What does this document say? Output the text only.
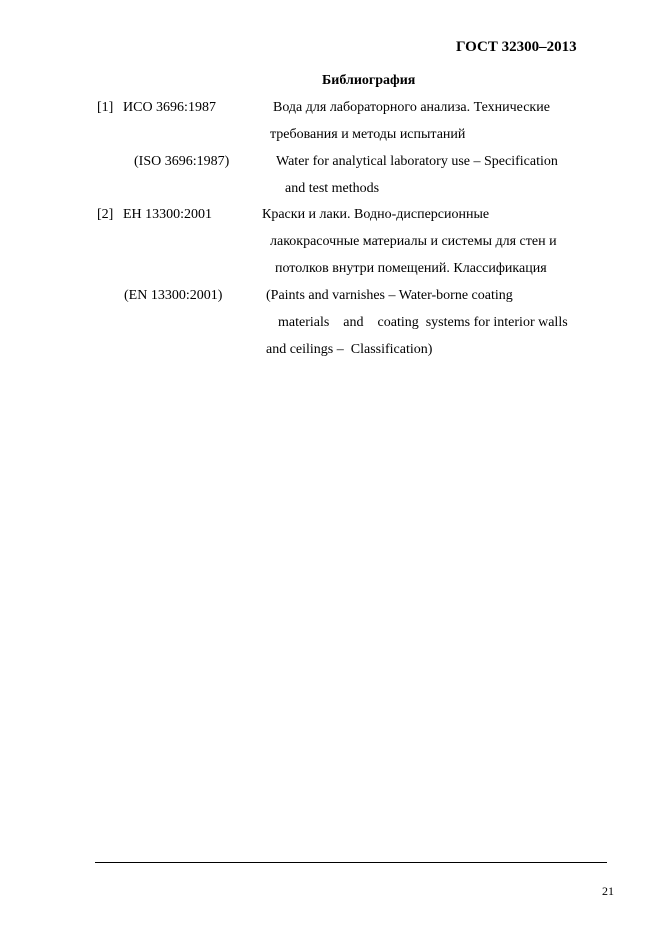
ГОСТ 32300–2013
Библиография
[1] ИСО 3696:1987	Вода для лабораторного анализа. Технические
требования и методы испытаний
(ISO 3696:1987)	Water for analytical laboratory use – Specification
and test methods
[2] ЕН 13300:2001	Краски и лаки. Водно-дисперсионные
лакокрасочные материалы и системы для стен и
потолков внутри помещений. Классификация
(EN 13300:2001)	(Paints and varnishes – Water-borne coating
materials    and    coating  systems for interior walls
and ceilings –  Classification)
21
